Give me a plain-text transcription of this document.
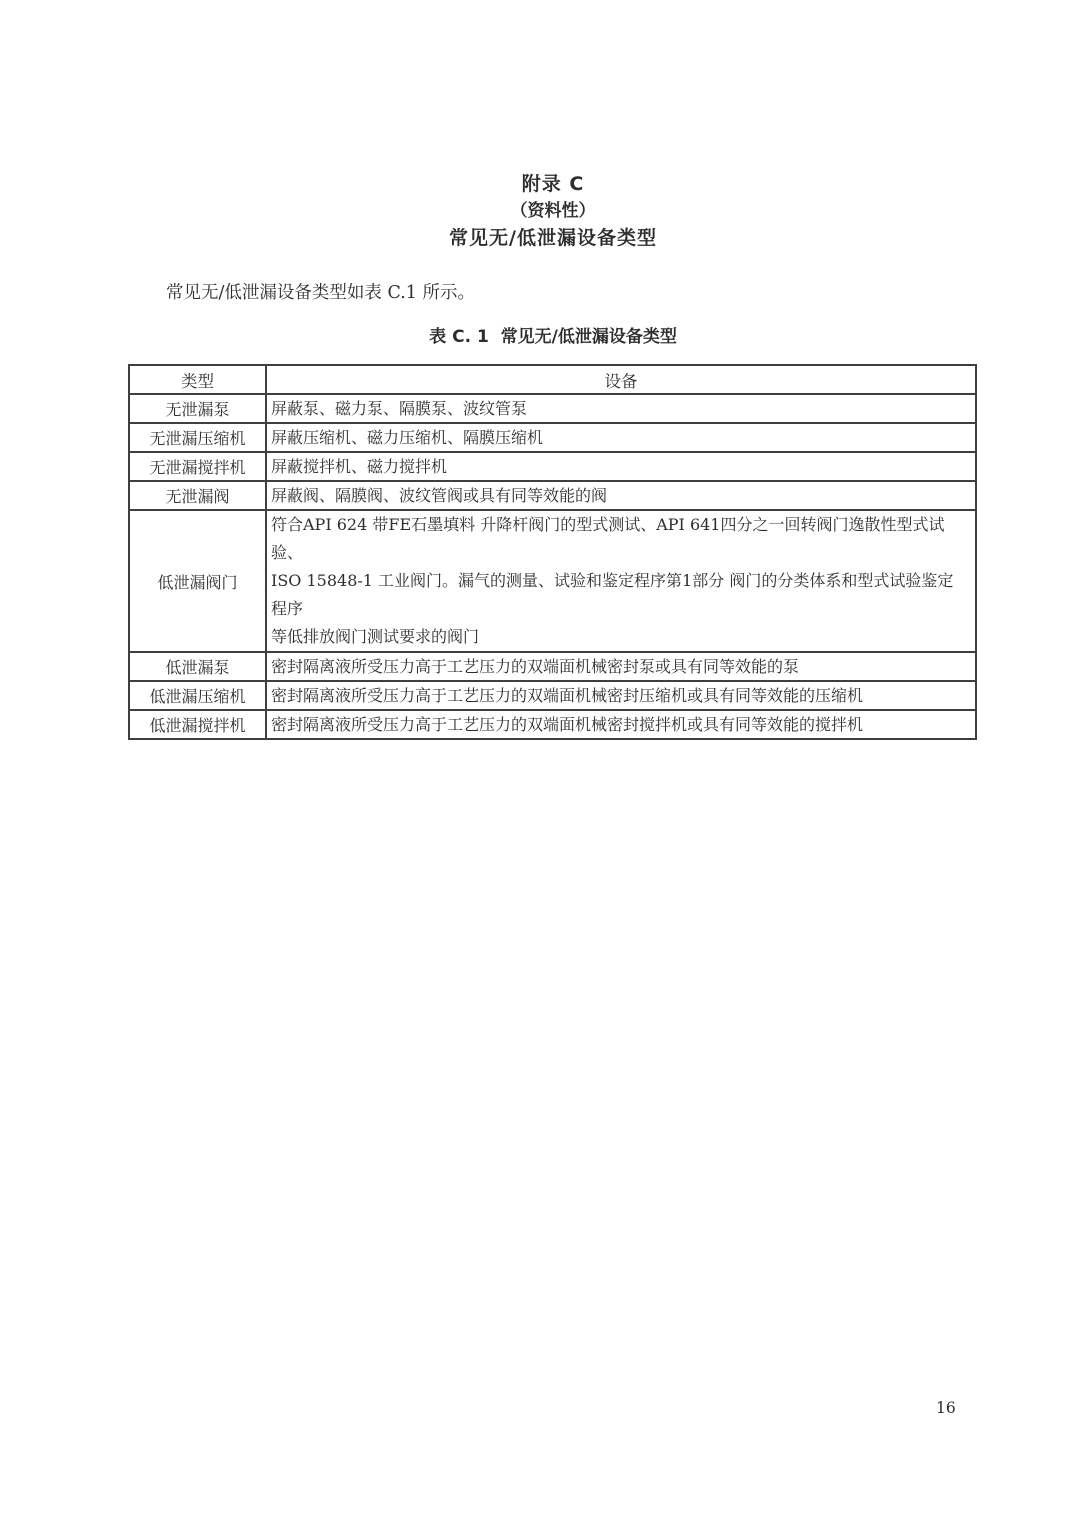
附录 C
（资料性）
常见无/低泄漏设备类型

常见无/低泄漏设备类型如表 C.1 所示。

表 C. 1  常见无/低泄漏设备类型
类型	设备
无泄漏泵	屏蔽泵、磁力泵、隔膜泵、波纹管泵

无泄漏压缩机	屏蔽压缩机、磁力压缩机、隔膜压缩机

无泄漏搅拌机	屏蔽搅拌机、磁力搅拌机

无泄漏阀	屏蔽阀、隔膜阀、波纹管阀或具有同等效能的阀

低泄漏阀门	符合API 624 带FE石墨填料 升降杆阀门的型式测试、API 641四分之一回转阀门逸散性型式试验、
ISO 15848-1 工业阀门。漏气的测量、试验和鉴定程序第1部分 阀门的分类体系和型式试验鉴定程序
等低排放阀门测试要求的阀门

低泄漏泵	密封隔离液所受压力高于工艺压力的双端面机械密封泵或具有同等效能的泵

低泄漏压缩机	密封隔离液所受压力高于工艺压力的双端面机械密封压缩机或具有同等效能的压缩机

低泄漏搅拌机	密封隔离液所受压力高于工艺压力的双端面机械密封搅拌机或具有同等效能的搅拌机
16
